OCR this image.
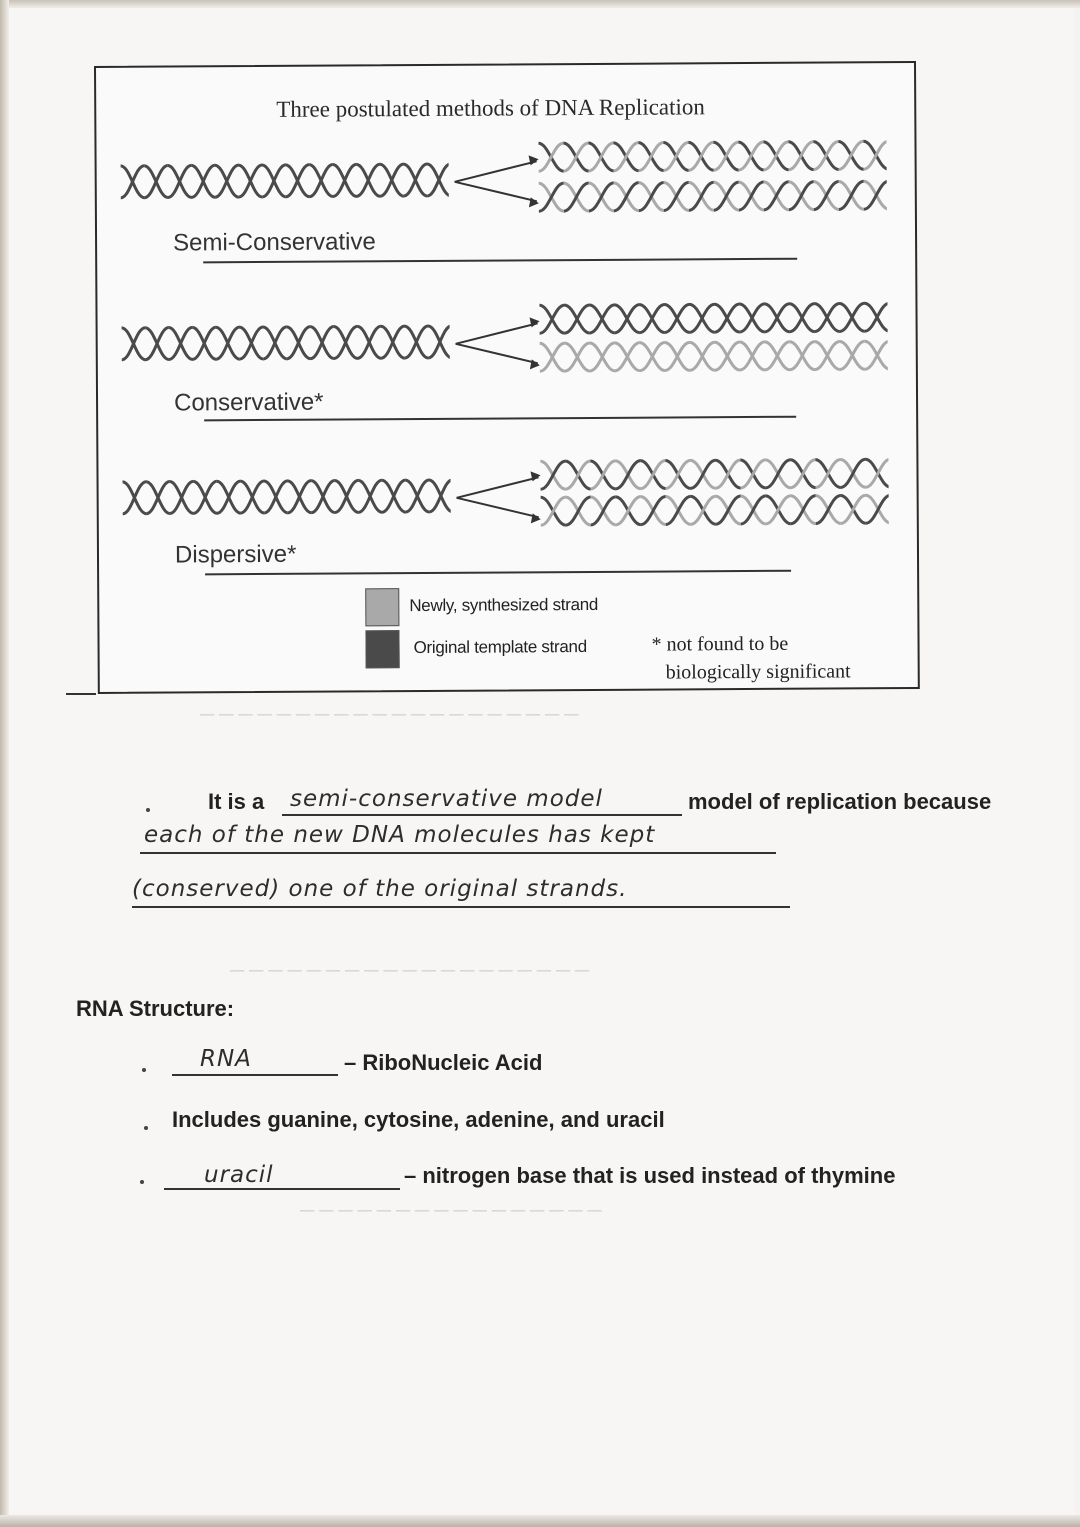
─ ─ ─ ─ ─ ─ ─ ─ ─ ─ ─ ─ ─ ─ ─ ─ ─ ─ ─ ─
─ ─ ─ ─ ─ ─ ─ ─ ─ ─ ─ ─ ─ ─ ─ ─ ─ ─ ─
─ ─ ─ ─ ─ ─ ─ ─ ─ ─ ─ ─ ─ ─ ─ ─
Three postulated methods of DNA Replication
Semi-Conservative
Conservative*
Dispersive*
Newly, synthesized strand
Original template strand	* not found to be
biologically significant
It is a semi-conservative model	model of replication because
each of the new DNA molecules has kept
(conserved) one of the original strands.
RNA Structure:
RNA	– RiboNucleic Acid
Includes guanine, cytosine, adenine, and uracil
uracil	– nitrogen base that is used instead of thymine
